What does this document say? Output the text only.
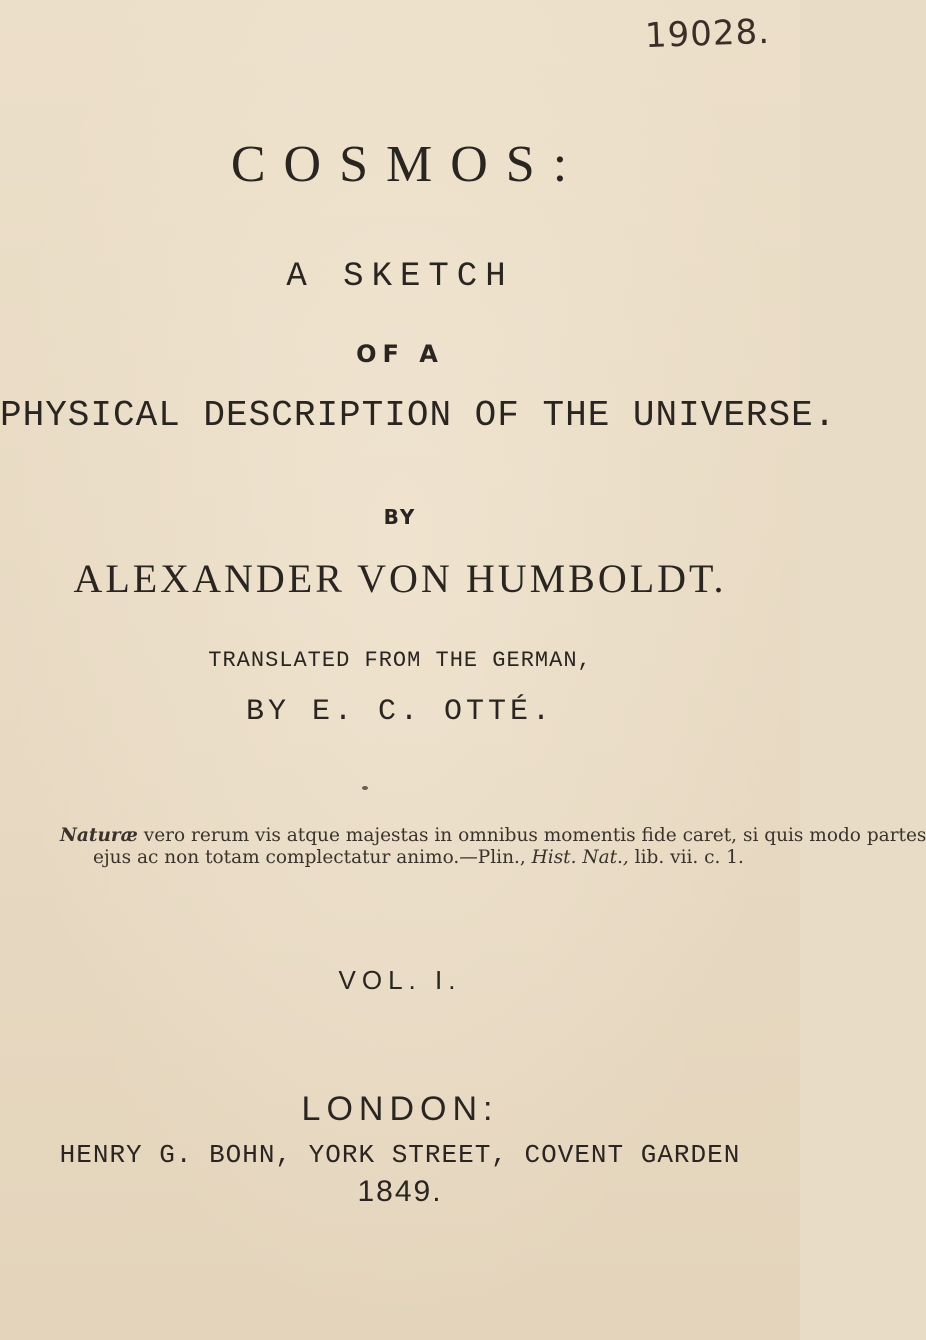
19028.
COSMOS:
A SKETCH
OF A
PHYSICAL DESCRIPTION OF THE UNIVERSE.
BY
ALEXANDER VON HUMBOLDT.
TRANSLATED FROM THE GERMAN,
BY E. C. OTTÉ.
Naturæ vero rerum vis atque majestas in omnibus momentis fide caret, si quis modo partes
ejus ac non totam complectatur animo.—Plin., Hist. Nat., lib. vii. c. 1.
VOL. I.
LONDON:
HENRY G. BOHN, YORK STREET, COVENT GARDEN
1849.
